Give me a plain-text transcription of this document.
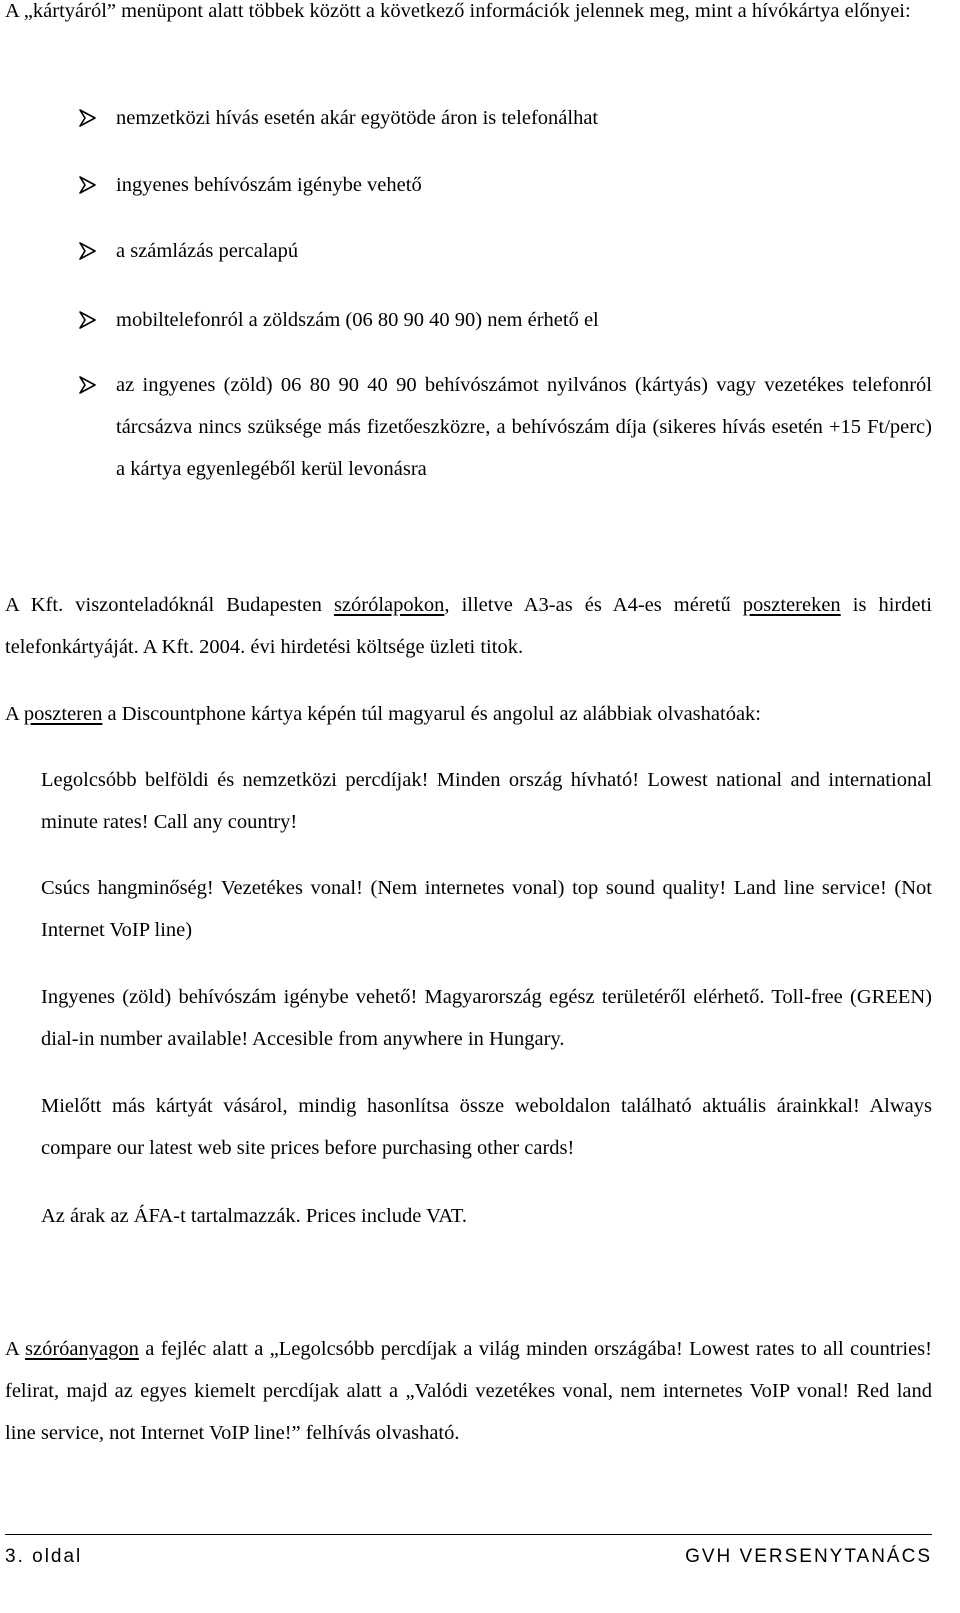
A „kártyáról” menüpont alatt többek között a következő információk jelennek meg, mint a hívókártya előnyei:

nemzetközi hívás esetén akár egyötöde áron is telefonálhat
ingyenes behívószám igénybe vehető
a számlázás percalapú
mobiltelefonról a zöldszám (06 80 90 40 90) nem érhető el
az ingyenes (zöld) 06 80 90 40 90 behívószámot nyilvános (kártyás) vagy vezetékes telefonról tárcsázva nincs szüksége más fizetőeszközre, a behívószám díja (sikeres hívás esetén +15 Ft/perc) a kártya egyenlegéből kerül levonásra

A Kft. viszonteladóknál Budapesten szórólapokon, illetve A3-as és A4-es méretű posztereken is hirdeti telefonkártyáját. A Kft. 2004. évi hirdetési költsége üzleti titok.

A poszteren a Discountphone kártya képén túl magyarul és angolul az alábbiak olvashatóak:

Legolcsóbb belföldi és nemzetközi percdíjak! Minden ország hívható! Lowest national and international minute rates! Call any country!

Csúcs hangminőség! Vezetékes vonal! (Nem internetes vonal) top sound quality! Land line service! (Not Internet VoIP line)

Ingyenes (zöld) behívószám igénybe vehető! Magyarország egész területéről elérhető. Toll-free (GREEN) dial-in number available! Accesible from anywhere in Hungary.

Mielőtt más kártyát vásárol, mindig hasonlítsa össze weboldalon található aktuális árainkkal! Always compare our latest web site prices before purchasing other cards!

Az árak az ÁFA-t tartalmazzák. Prices include VAT.

A szóróanyagon a fejléc alatt a „Legolcsóbb percdíjak a világ minden országába! Lowest rates to all countries! felirat, majd az egyes kiemelt percdíjak alatt a „Valódi vezetékes vonal, nem internetes VoIP vonal! Red land line service, not Internet VoIP line!” felhívás olvasható.

3. oldal	GVH VERSENYTANÁCS
